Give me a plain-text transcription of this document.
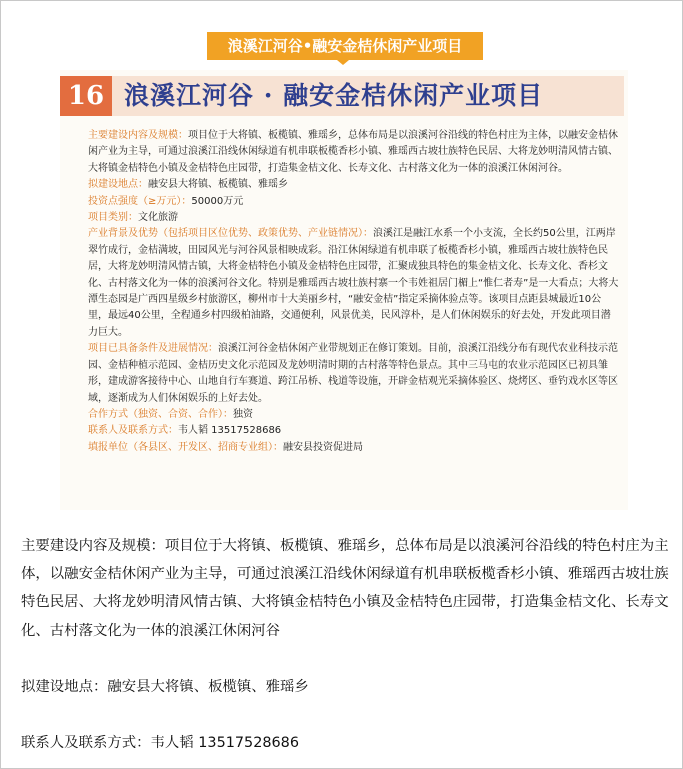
浪溪江河谷•融安金桔休闲产业项目
16 浪溪江河谷 · 融安金桔休闲产业项目

主要建设内容及规模：项目位于大将镇、板榄镇、雅瑶乡，总体布局是以浪溪河谷沿线的特色村庄为主体，以融安金桔休闲产业为主导，可通过浪溪江沿线休闲绿道有机串联板榄香杉小镇、雅瑶西古坡壮族特色民居、大将龙妙明清风情古镇、大将镇金桔特色小镇及金桔特色庄园带，打造集金桔文化、长寿文化、古村落文化为一体的浪溪江休闲河谷。

拟建设地点：融安县大将镇、板榄镇、雅瑶乡

投资点强度（≥万元）：50000万元

项目类别：文化旅游

产业背景及优势（包括项目区位优势、政策优势、产业链情况）：浪溪江是融江水系一个小支流，全长约50公里，江两岸翠竹成行，金桔满坡，田园风光与河谷风景相映成彩。沿江休闲绿道有机串联了板榄香杉小镇，雅瑶西古坡壮族特色民居，大将龙妙明清风情古镇，大将金桔特色小镇及金桔特色庄园带，汇聚成独具特色的集金桔文化、长寿文化、香杉文化、古村落文化为一体的浪溪河谷文化。特别是雅瑶西古坡壮族村寨一个韦姓祖居门楣上“惟仁者寿”是一大看点；大将大潭生态园是广西四星级乡村旅游区，柳州市十大美丽乡村，“融安金桔”指定采摘体验点等。该项目点距县城最近10公里，最远40公里，全程通乡村四级柏油路，交通便利，风景优美，民风淳朴，是人们休闲娱乐的好去处，开发此项目潜力巨大。

项目已具备条件及进展情况：浪溪江河谷金桔休闲产业带规划正在修订策划。目前，浪溪江沿线分布有现代农业科技示范园、金桔种植示范园、金桔历史文化示范园及龙妙明清时期的古村落等特色景点。其中三马屯的农业示范园区已初具雏形，建成游客接待中心、山地自行车赛道、跨江吊桥、栈道等设施，开辟金桔观光采摘体验区、烧烤区、垂钓戏水区等区域，逐渐成为人们休闲娱乐的上好去处。

合作方式（独资、合资、合作）：独资

联系人及联系方式：韦人韬 13517528686

填报单位（各县区、开发区、招商专业组）：融安县投资促进局

主要建设内容及规模：项目位于大将镇、板榄镇、雅瑶乡，总体布局是以浪溪河谷沿线的特色村庄为主体，以融安金桔休闲产业为主导，可通过浪溪江沿线休闲绿道有机串联板榄香杉小镇、雅瑶西古坡壮族特色民居、大将龙妙明清风情古镇、大将镇金桔特色小镇及金桔特色庄园带，打造集金桔文化、长寿文化、古村落文化为一体的浪溪江休闲河谷

拟建设地点：融安县大将镇、板榄镇、雅瑶乡

联系人及联系方式：韦人韬 13517528686
